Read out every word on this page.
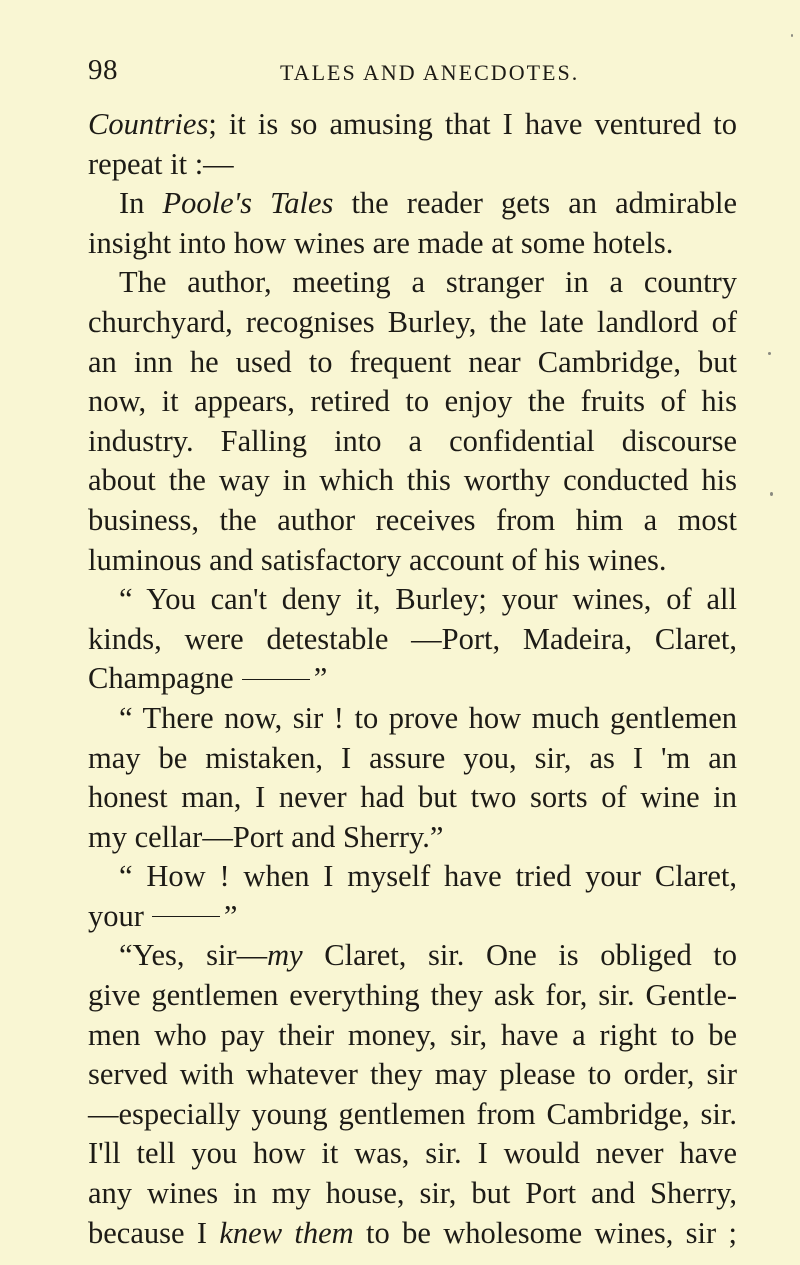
98	TALES AND ANECDOTES.
Countries; it is so amusing that I have ventured to
repeat it :—
In Poole's Tales the reader gets an admirable
insight into how wines are made at some hotels.
The author, meeting a stranger in a country
churchyard, recognises Burley, the late landlord of
an inn he used to frequent near Cambridge, but
now, it appears, retired to enjoy the fruits of his
industry. Falling into a confidential discourse
about the way in which this worthy conducted his
business, the author receives from him a most
luminous and satisfactory account of his wines.
“ You can't deny it, Burley; your wines, of all
kinds, were detestable —Port, Madeira, Claret,
Champagne	”
“ There now, sir ! to prove how much gentlemen
may be mistaken, I assure you, sir, as I 'm an
honest man, I never had but two sorts of wine in
my cellar—Port and Sherry.”
“ How ! when I myself have tried your Claret,
your	”
“Yes, sir—my Claret, sir. One is obliged to
give gentlemen everything they ask for, sir. Gentle-
men who pay their money, sir, have a right to be
served with whatever they may please to order, sir
—especially young gentlemen from Cambridge, sir.
I'll tell you how it was, sir. I would never have
any wines in my house, sir, but Port and Sherry,
because I knew them to be wholesome wines, sir ;
